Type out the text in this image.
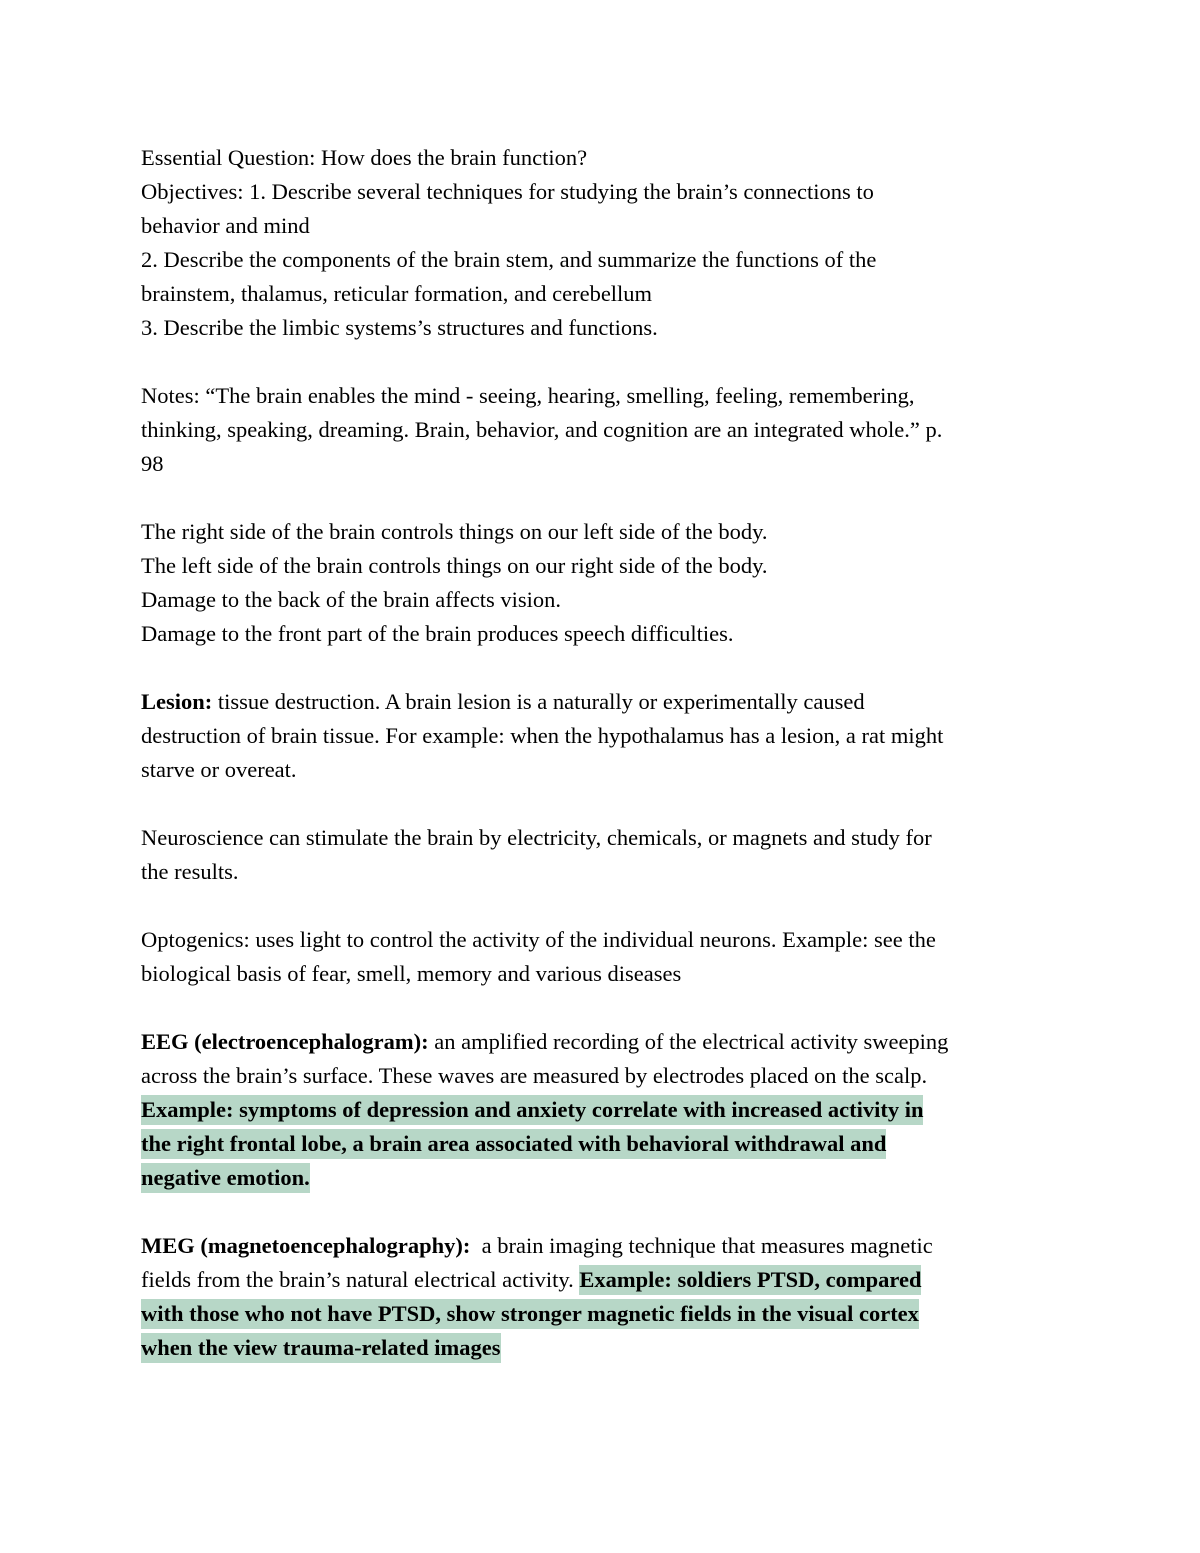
Essential Question: How does the brain function?
Objectives: 1. Describe several techniques for studying the brain’s connections to
behavior and mind
2. Describe the components of the brain stem, and summarize the functions of the
brainstem, thalamus, reticular formation, and cerebellum
3. Describe the limbic systems’s structures and functions.
Notes: “The brain enables the mind - seeing, hearing, smelling, feeling, remembering,
thinking, speaking, dreaming. Brain, behavior, and cognition are an integrated whole.” p.
98
The right side of the brain controls things on our left side of the body.
The left side of the brain controls things on our right side of the body.
Damage to the back of the brain affects vision.
Damage to the front part of the brain produces speech difficulties.
Lesion: tissue destruction. A brain lesion is a naturally or experimentally caused
destruction of brain tissue. For example: when the hypothalamus has a lesion, a rat might
starve or overeat.
Neuroscience can stimulate the brain by electricity, chemicals, or magnets and study for
the results.
Optogenics: uses light to control the activity of the individual neurons. Example: see the
biological basis of fear, smell, memory and various diseases
EEG (electroencephalogram): an amplified recording of the electrical activity sweeping
across the brain’s surface. These waves are measured by electrodes placed on the scalp.
Example: symptoms of depression and anxiety correlate with increased activity in
the right frontal lobe, a brain area associated with behavioral withdrawal and
negative emotion.
MEG (magnetoencephalography):  a brain imaging technique that measures magnetic
fields from the brain’s natural electrical activity. Example: soldiers PTSD, compared
with those who not have PTSD, show stronger magnetic fields in the visual cortex
when the view trauma-related images
